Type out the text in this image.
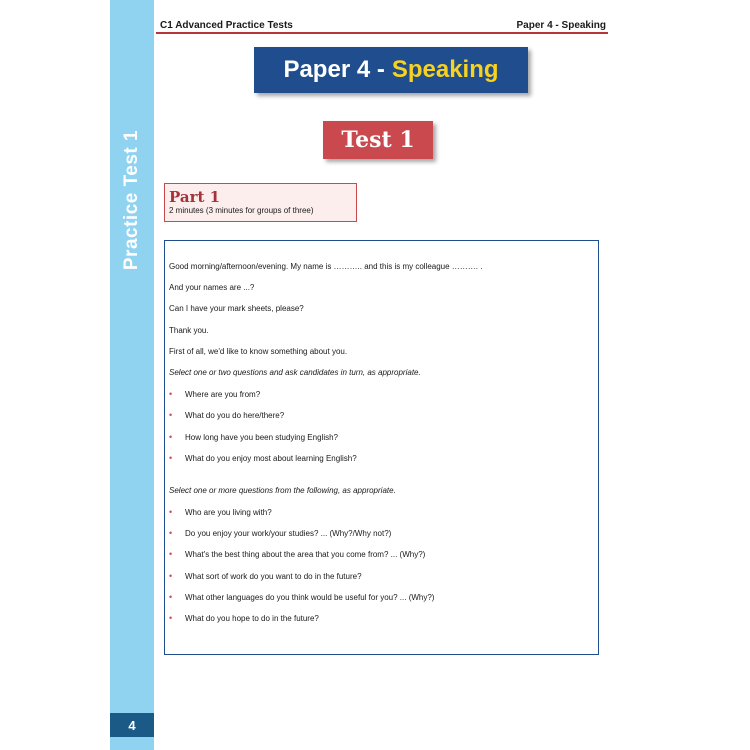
Practice Test 1
4
C1 Advanced Practice Tests	Paper 4 - Speaking
Paper 4 - Speaking
Test 1
Part 1
2 minutes (3 minutes for groups of three)
Good morning/afternoon/evening. My name is ……….. and this is my colleague ………. .
And your names are ...?
Can I have your mark sheets, please?
Thank you.
First of all, we'd like to know something about you.
Select one or two questions and ask candidates in turn, as appropriate.
• Where are you from?
• What do you do here/there?
• How long have you been studying English?
• What do you enjoy most about learning English?
Select one or more questions from the following, as appropriate.
• Who are you living with?
• Do you enjoy your work/your studies? ... (Why?/Why not?)
• What's the best thing about the area that you come from? ... (Why?)
• What sort of work do you want to do in the future?
• What other languages do you think would be useful for you? ... (Why?)
• What do you hope to do in the future?
